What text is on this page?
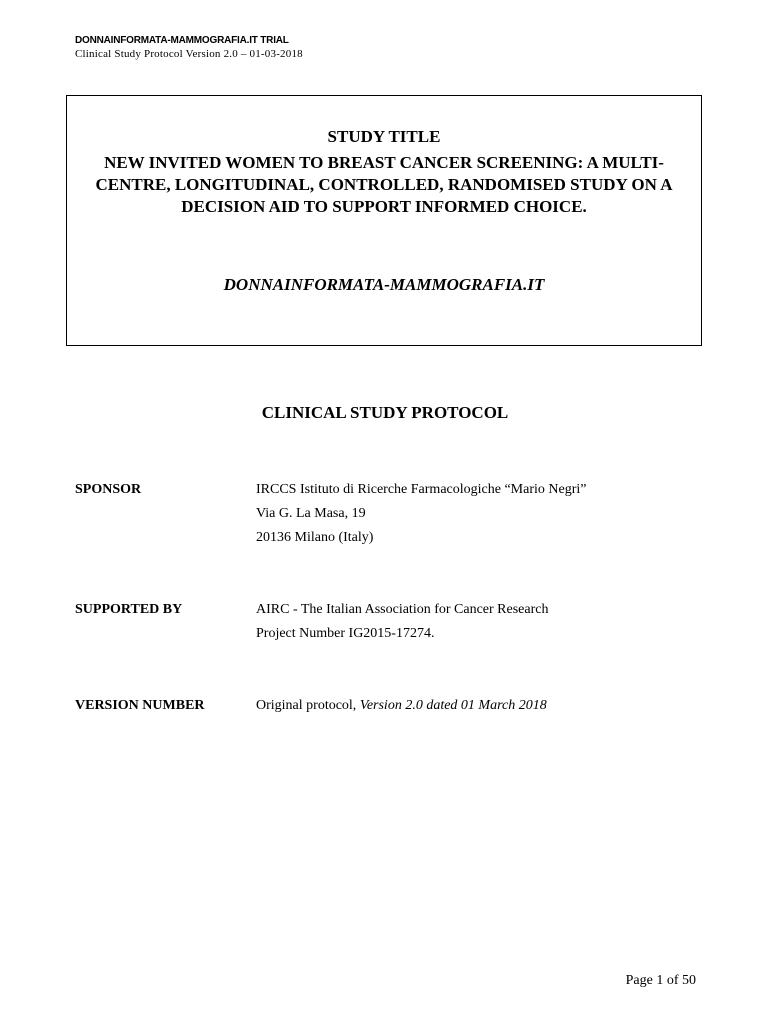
DONNAINFORMATA-MAMMOGRAFIA.IT TRIAL
Clinical Study Protocol Version 2.0 – 01-03-2018
STUDY TITLE
NEW INVITED WOMEN TO BREAST CANCER SCREENING: A MULTI-CENTRE, LONGITUDINAL, CONTROLLED, RANDOMISED STUDY ON A DECISION AID TO SUPPORT INFORMED CHOICE.
DONNAINFORMATA-MAMMOGRAFIA.IT
CLINICAL STUDY PROTOCOL
SPONSOR	IRCCS Istituto di Ricerche Farmacologiche “Mario Negri”
Via G. La Masa, 19
20136 Milano (Italy)
SUPPORTED BY	AIRC - The Italian Association for Cancer Research
Project Number IG2015-17274.
VERSION NUMBER	Original protocol, Version 2.0 dated 01 March 2018
Page 1 of 50
